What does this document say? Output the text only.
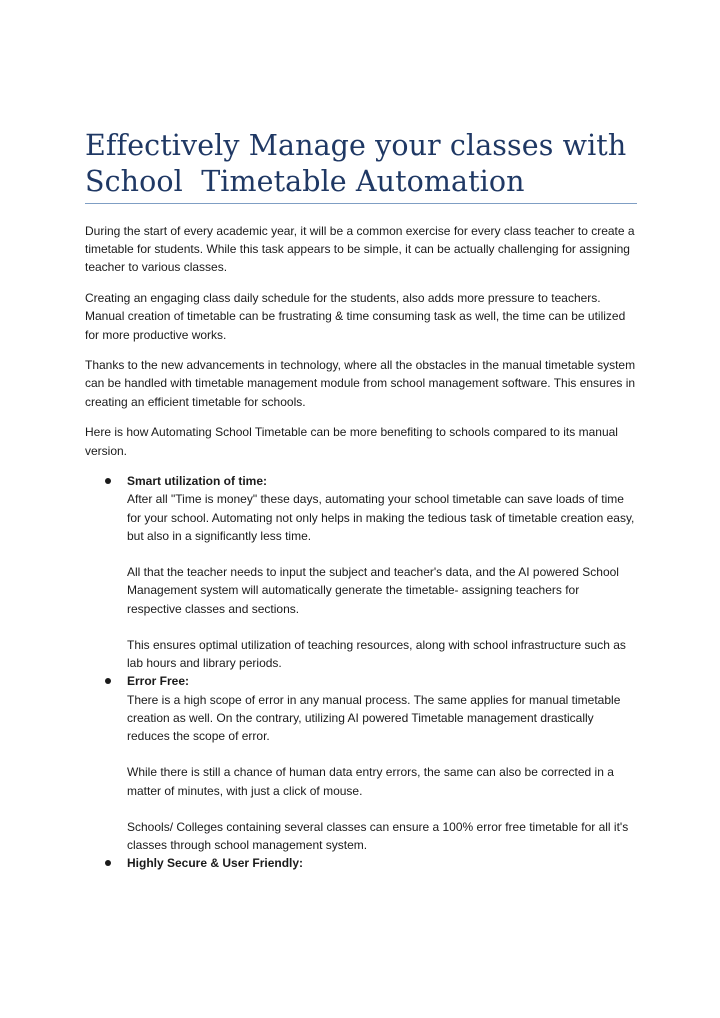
Effectively Manage your classes with
School  Timetable Automation

During the start of every academic year, it will be a common exercise for every class teacher to create a timetable for students. While this task appears to be simple, it can be actually challenging for assigning teacher to various classes.

Creating an engaging class daily schedule for the students, also adds more pressure to teachers. Manual creation of timetable can be frustrating & time consuming task as well, the time can be utilized for more productive works.

Thanks to the new advancements in technology, where all the obstacles in the manual timetable system can be handled with timetable management module from school management software. This ensures in creating an efficient timetable for schools.

Here is how Automating School Timetable can be more benefiting to schools compared to its manual version.

Smart utilization of time:

After all "Time is money" these days, automating your school timetable can save loads of time for your school. Automating not only helps in making the tedious task of timetable creation easy, but also in a significantly less time.

All that the teacher needs to input the subject and teacher's data, and the AI powered School Management system will automatically generate the timetable- assigning teachers for respective classes and sections.

This ensures optimal utilization of teaching resources, along with school infrastructure such as lab hours and library periods.

Error Free:

There is a high scope of error in any manual process. The same applies for manual timetable creation as well. On the contrary, utilizing AI powered Timetable management drastically reduces the scope of error.

While there is still a chance of human data entry errors, the same can also be corrected in a matter of minutes, with just a click of mouse.

Schools/ Colleges containing several classes can ensure a 100% error free timetable for all it's classes through school management system.

Highly Secure & User Friendly:
